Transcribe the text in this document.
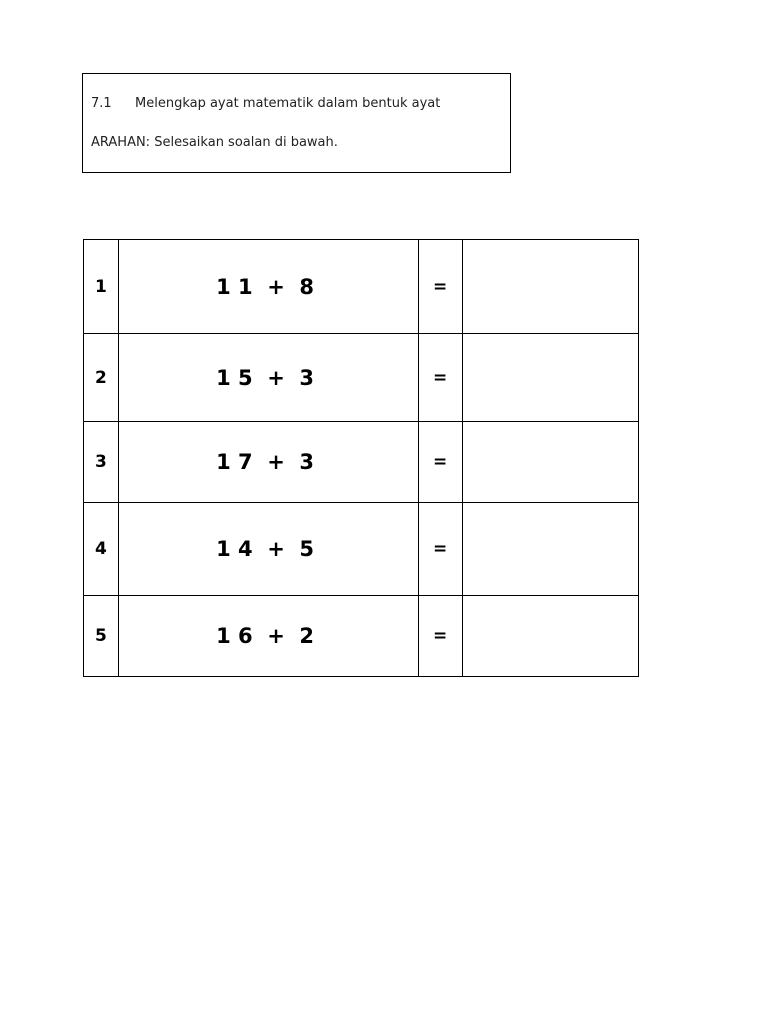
7.1 Melengkap ayat matematik dalam bentuk ayat
ARAHAN: Selesaikan soalan di bawah.
1	1 1  +  8	=	
2	1 5  +  3	=	
3	1 7  +  3	=	
4	1 4  +  5	=	
5	1 6  +  2	=	
